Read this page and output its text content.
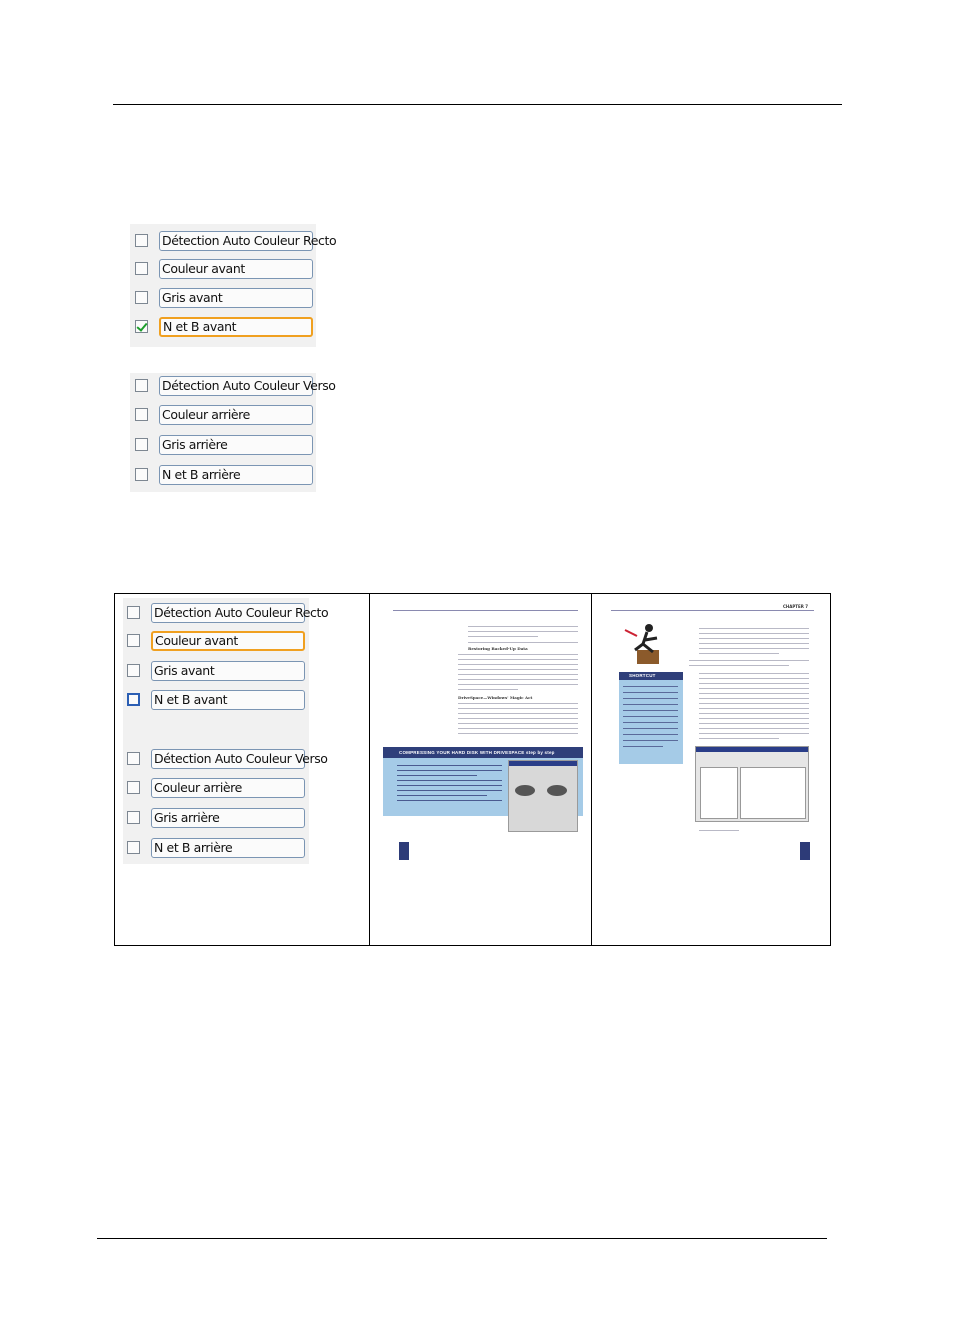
Détection Auto Couleur Recto
Couleur avant
Gris avant
N et B avant
Détection Auto Couleur Verso
Couleur arrière
Gris arrière
N et B arrière
Détection Auto Couleur Recto
Couleur avant
Gris avant
N et B avant
Détection Auto Couleur Verso
Couleur arrière
Gris arrière
N et B arrière
Restoring Backed-Up Data
DriveSpace—Windows' Magic Act
COMPRESSING YOUR HARD DISK WITH DRIVESPACE step by step
CHAPTER 7
SHORTCUT
